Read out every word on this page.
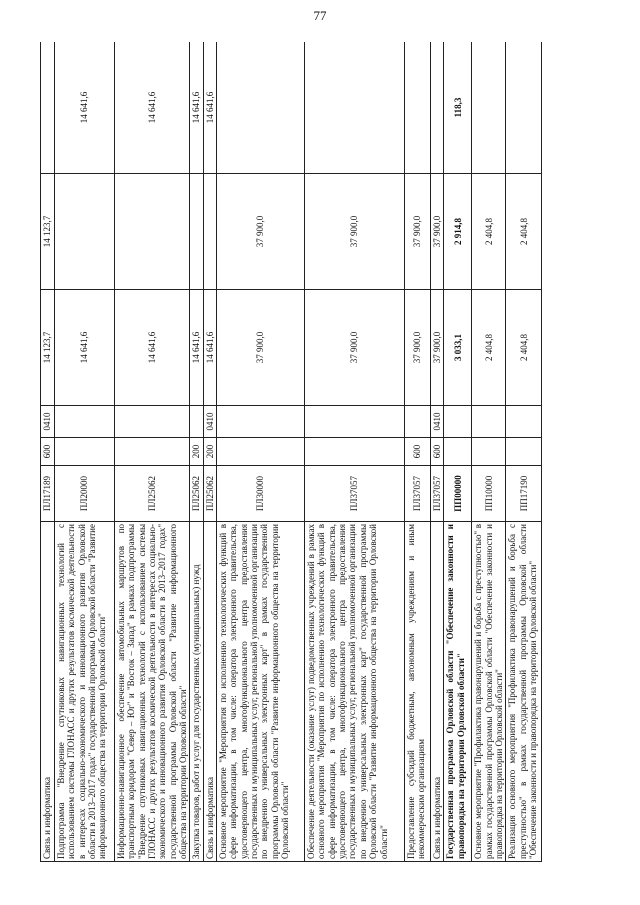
77
Связь и информатика	ПЛ17189	600	0410	14 123,7	14 123,7	
Подпрограмма "Внедрение спутниковых навигационных технологий с использованием системы ГЛОНАСС и других результатов космической деятельности в интересах социально-экономического и инновационного развития Орловской области в 2013–2017 годах" государственной программы Орловской области "Развитие информационного общества на территории Орловской области"	ПЛ20000			14 641,6		14 641,6
Информационно-навигационное обеспечение автомобильных маршрутов по транспортным коридорам "Север – Юг" и "Восток – Запад" в рамках подпрограммы "Внедрение спутниковых навигационных технологий с использованием системы ГЛОНАСС и других результатов космической деятельности в интересах социально-экономического и инновационного развития Орловской области в 2013–2017 годах" государственной программы Орловской области "Развитие информационного общества на территории Орловской области"	ПЛ25062			14 641,6		14 641,6
Закупка товаров, работ и услуг для государственных (муниципальных) нужд	ПЛ25062	200		14 641,6		14 641,6
Связь и информатика	ПЛ25062	200	0410	14 641,6		14 641,6
Основное мероприятие "Мероприятия по исполнению технологических функций в сфере информатизации, в том числе: оператора электронного правительства, удостоверяющего центра, многофункционального центра предоставления государственных и муниципальных услуг, региональной уполномоченной организации по внедрению универсальных электронных карт" в рамках государственной программы Орловской области "Развитие информационного общества на территории Орловской области"	ПЛ30000			37 900,0	37 900,0	
Обеспечение деятельности (оказание услуг) подведомственных учреждений в рамках основного мероприятия "Мероприятия по исполнению технологических функций в сфере информатизации, в том числе: оператора электронного правительства, удостоверяющего центра, многофункционального центра предоставления государственных и муниципальных услуг, региональной уполномоченной организации по внедрению универсальных электронных карт" государственной программы Орловской области "Развитие информационного общества на территории Орловской области"	ПЛ37057			37 900,0	37 900,0	
Предоставление субсидий бюджетным, автономным учреждениям и иным некоммерческим организациям	ПЛ37057	600		37 900,0	37 900,0	
Связь и информатика	ПЛ37057	600	0410	37 900,0	37 900,0	
Государственная программа Орловской области "Обеспечение законности и правопорядка на территории Орловской области"	ПП00000			3 033,1	2 914,8	118,3
Основное мероприятие "Профилактика правонарушений и борьба с преступностью" в рамках государственной программы Орловской области "Обеспечение законности и правопорядка на территории Орловской области"	ПП10000			2 404,8	2 404,8	
Реализация основного мероприятия "Профилактика правонарушений и борьба с преступностью" в рамках государственной программы Орловской области "Обеспечение законности и правопорядка на территории Орловской области"	ПП17190			2 404,8	2 404,8	
